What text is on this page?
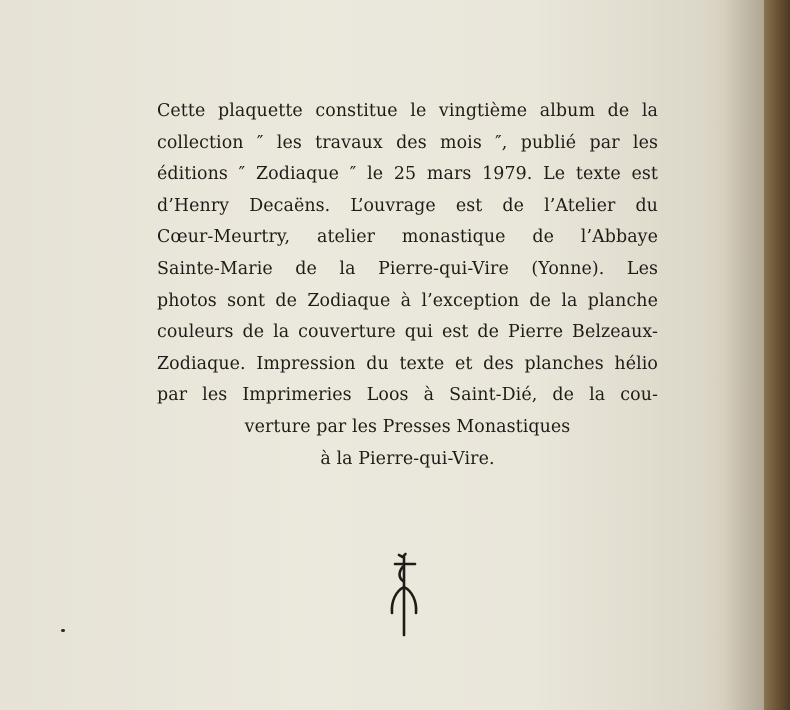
Cette plaquette constitue le vingtième album de la
collection ″ les travaux des mois ″, publié par les
éditions ″ Zodiaque ″ le 25 mars 1979. Le texte est
d’Henry Decaëns. L’ouvrage est de l’Atelier du
Cœur-Meurtry, atelier monastique de l’Abbaye
Sainte-Marie de la Pierre-qui-Vire (Yonne). Les
photos sont de Zodiaque à l’exception de la planche
couleurs de la couverture qui est de Pierre Belzeaux-
Zodiaque. Impression du texte et des planches hélio
par les Imprimeries Loos à Saint-Dié, de la cou-
verture par les Presses Monastiques
à la Pierre-qui-Vire.
